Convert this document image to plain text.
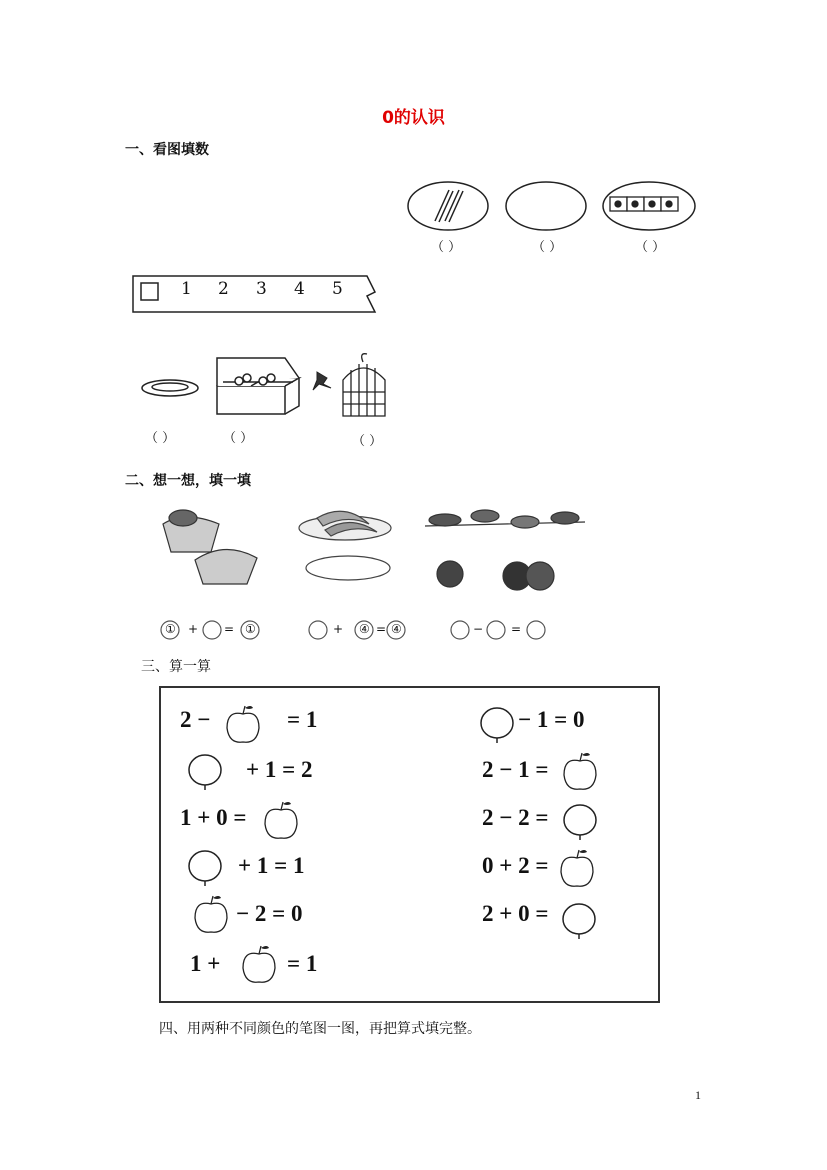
0的认识
一、看图填数
（ ）	（ ）	（ ）
1 2 3 4 5
（ ）	（ ）	（ ）
二、想一想，填一填
① + = ①	+ ④ = ④	− =
三、算一算
2 −	= 1
+ 1 = 2
1 + 0 =
+ 1 = 1
− 2 = 0
1 +	= 1
− 1 = 0
2 − 1 =
2 − 2 =
0 + 2 =
2 + 0 =
四、用两种不同颜色的笔图一图，再把算式填完整。
1
